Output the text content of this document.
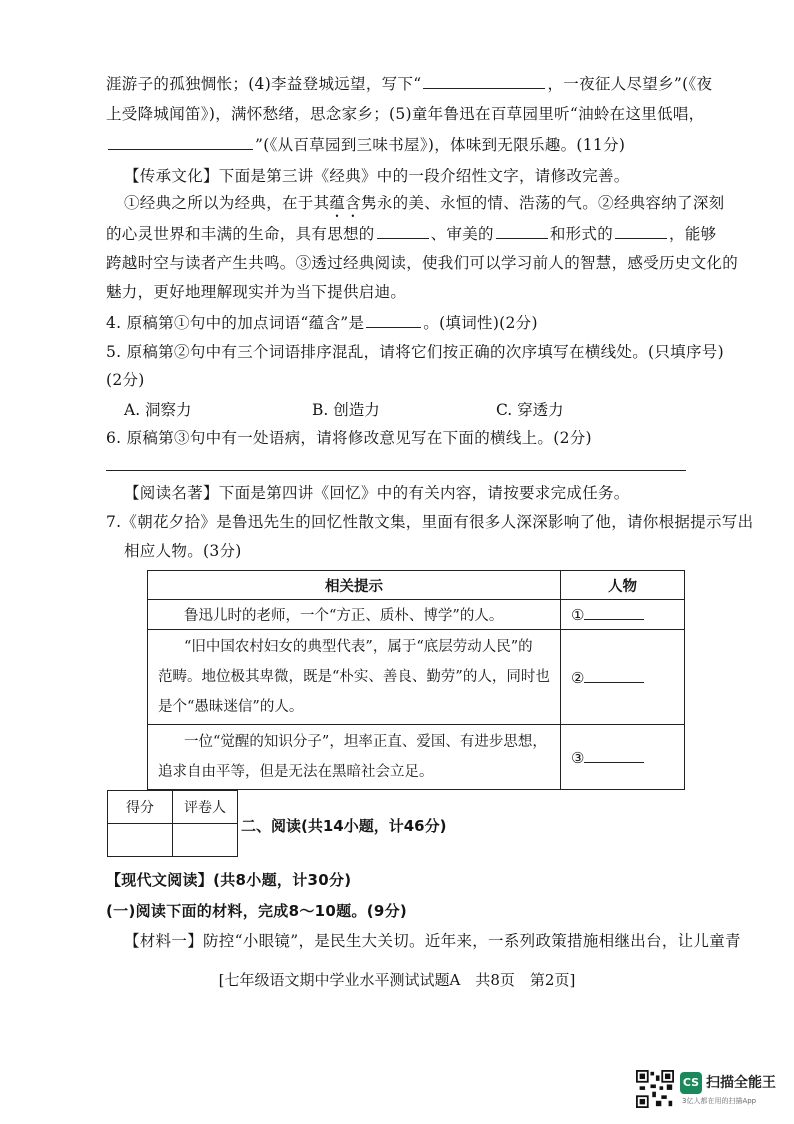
涯游子的孤独惆怅；(4)李益登城远望，写下“	，一夜征人尽望乡”(《夜
上受降城闻笛》)，满怀愁绪，思念家乡；(5)童年鲁迅在百草园里听“油蛉在这里低唱，
”(《从百草园到三味书屋》)，体味到无限乐趣。(11分)
【传承文化】下面是第三讲《经典》中的一段介绍性文字，请修改完善。
①经典之所以为经典，在于其蕴含隽永的美、永恒的情、浩荡的气。②经典容纳了深刻
的心灵世界和丰满的生命，具有思想的	、审美的	和形式的	，能够
跨越时空与读者产生共鸣。③透过经典阅读，使我们可以学习前人的智慧，感受历史文化的
魅力，更好地理解现实并为当下提供启迪。
4. 原稿第①句中的加点词语“蕴含”是	。(填词性)(2分)
5. 原稿第②句中有三个词语排序混乱，请将它们按正确的次序填写在横线处。(只填序号)
(2分)
A. 洞察力	B. 创造力	C. 穿透力
6. 原稿第③句中有一处语病，请将修改意见写在下面的横线上。(2分)
【阅读名著】下面是第四讲《回忆》中的有关内容，请按要求完成任务。
7.《朝花夕拾》是鲁迅先生的回忆性散文集，里面有很多人深深影响了他，请你根据提示写出
相应人物。(3分)
相关提示	人物
鲁迅儿时的老师，一个“方正、质朴、博学”的人。	①

“旧中国农村妇女的典型代表”，属于“底层劳动人民”的
范畴。地位极其卑微，既是“朴实、善良、勤劳”的人，同时也
是个“愚昧迷信”的人。	②

一位“觉醒的知识分子”，坦率正直、爱国、有进步思想，
追求自由平等，但是无法在黑暗社会立足。	③
得分	评卷人

二、阅读(共14小题，计46分)
【现代文阅读】(共8小题，计30分)
(一)阅读下面的材料，完成8～10题。(9分)
【材料一】防控“小眼镜”，是民生大关切。近年来，一系列政策措施相继出台，让儿童青
[七年级语文期中学业水平测试试题A　共8页　第2页]
CS 扫描全能王
3亿人都在用的扫描App
